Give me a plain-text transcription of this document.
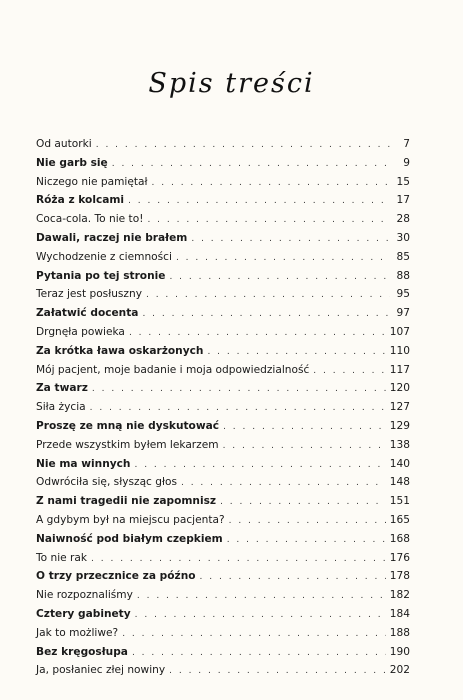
Spis treści
Od autorki . . .	7
Nie garb się . . .	9
Niczego nie pamiętał . . .	15
Róża z kolcami . . .	17
Coca-cola. To nie to! . . .	28
Dawali, raczej nie brałem . . .	30
Wychodzenie z ciemności . . .	85
Pytania po tej stronie . . .	88
Teraz jest posłuszny . . .	95
Załatwić docenta . . .	97
Drgnęła powieka . . .	107
Za krótka ława oskarżonych . . .	110
Mój pacjent, moje badanie i moja odpowiedzialność . . .	117
Za twarz . . .	120
Siła życia . . .	127
Proszę ze mną nie dyskutować . . .	129
Przede wszystkim byłem lekarzem . . .	138
Nie ma winnych . . .	140
Odwróciła się, słysząc głos . . .	148
Z nami tragedii nie zapomnisz . . .	151
A gdybym był na miejscu pacjenta? . . .	165
Naiwność pod białym czepkiem . . .	168
To nie rak . . .	176
O trzy przecznice za późno . . .	178
Nie rozpoznaliśmy . . .	182
Cztery gabinety . . .	184
Jak to możliwe? . . .	188
Bez kręgosłupa . . .	190
Ja, posłaniec złej nowiny . . .	202
